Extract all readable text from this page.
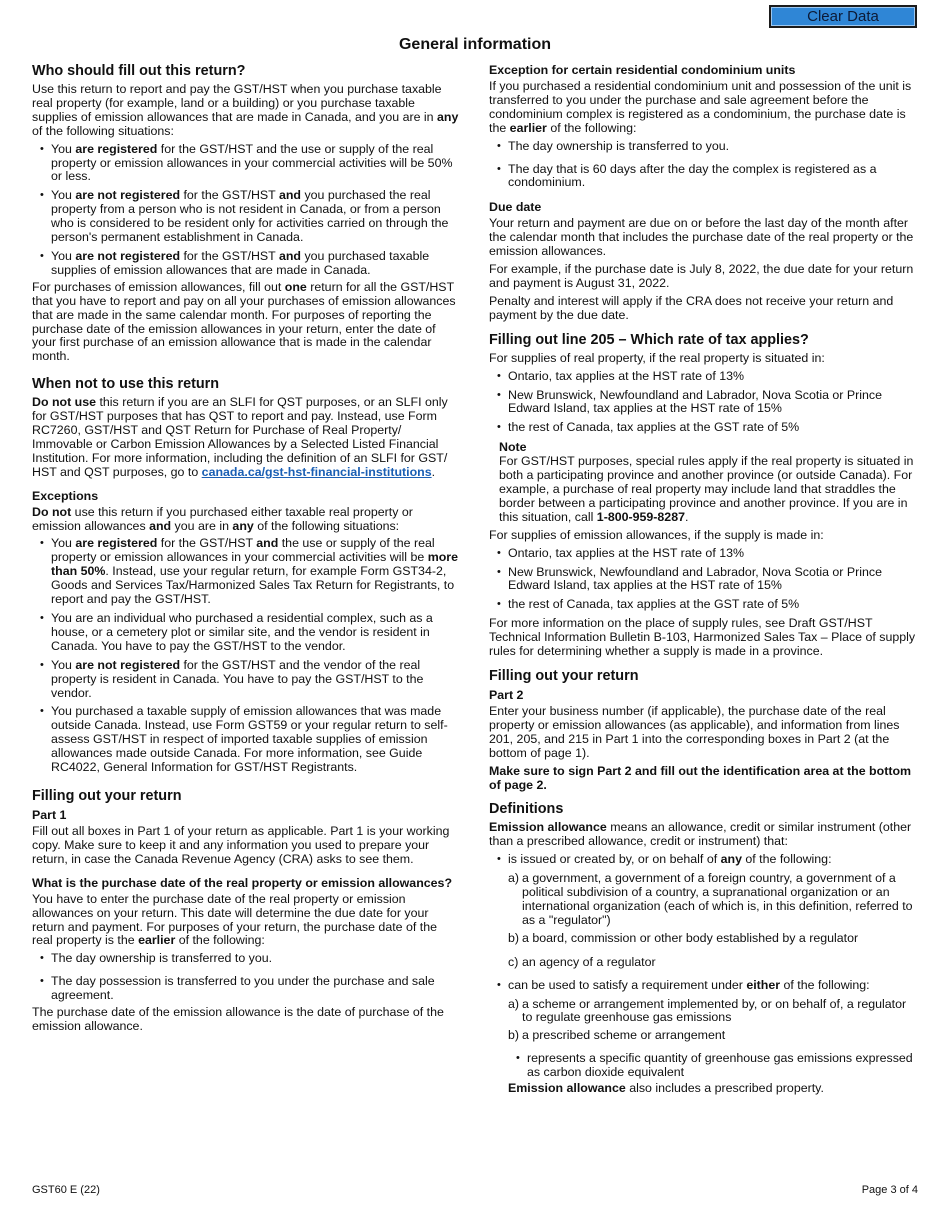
Clear Data
General information
Who should fill out this return?

Use this return to report and pay the GST/HST when you purchase taxable real property (for example, land or a building) or you purchase taxable supplies of emission allowances that are made in Canada, and you are in any of the following situations:

• You are registered for the GST/HST and the use or supply of the real property or emission allowances in your commercial activities will be 50% or less.
• You are not registered for the GST/HST and you purchased the real property from a person who is not resident in Canada, or from a person who is considered to be resident only for activities carried on through the person's permanent establishment in Canada.
• You are not registered for the GST/HST and you purchased taxable supplies of emission allowances that are made in Canada.

For purchases of emission allowances, fill out one return for all the GST/HST that you have to report and pay on all your purchases of emission allowances that are made in the same calendar month. For purposes of reporting the purchase date of the emission allowances in your return, enter the date of your first purchase of an emission allowance that is made in the calendar month.

When not to use this return

Do not use this return if you are an SLFI for QST purposes, or an SLFI only for GST/HST purposes that has QST to report and pay. Instead, use Form RC7260, GST/HST and QST Return for Purchase of Real Property/ Immovable or Carbon Emission Allowances by a Selected Listed Financial Institution. For more information, including the definition of an SLFI for GST/ HST and QST purposes, go to canada.ca/gst-hst-financial-institutions.

Exceptions

Do not use this return if you purchased either taxable real property or emission allowances and you are in any of the following situations:

• You are registered for the GST/HST and the use or supply of the real property or emission allowances in your commercial activities will be more than 50%. Instead, use your regular return, for example Form GST34-2, Goods and Services Tax/Harmonized Sales Tax Return for Registrants, to report and pay the GST/HST.
• You are an individual who purchased a residential complex, such as a house, or a cemetery plot or similar site, and the vendor is resident in Canada. You have to pay the GST/HST to the vendor.
• You are not registered for the GST/HST and the vendor of the real property is resident in Canada. You have to pay the GST/HST to the vendor.
• You purchased a taxable supply of emission allowances that was made outside Canada. Instead, use Form GST59 or your regular return to self-assess GST/HST in respect of imported taxable supplies of emission allowances made outside Canada. For more information, see Guide RC4022, General Information for GST/HST Registrants.
Filling out your return
Part 1

Fill out all boxes in Part 1 of your return as applicable. Part 1 is your working copy. Make sure to keep it and any information you used to prepare your return, in case the Canada Revenue Agency (CRA) asks to see them.

What is the purchase date of the real property or emission allowances?

You have to enter the purchase date of the real property or emission allowances on your return. This date will determine the due date for your return and payment. For purposes of your return, the purchase date of the real property is the earlier of the following:

• The day ownership is transferred to you.
• The day possession is transferred to you under the purchase and sale agreement.

The purchase date of the emission allowance is the date of purchase of the emission allowance.

Exception for certain residential condominium units

If you purchased a residential condominium unit and possession of the unit is transferred to you under the purchase and sale agreement before the condominium complex is registered as a condominium, the purchase date is the earlier of the following:

• The day ownership is transferred to you.
• The day that is 60 days after the day the complex is registered as a condominium.
Due date

Your return and payment are due on or before the last day of the month after the calendar month that includes the purchase date of the real property or the emission allowances.

For example, if the purchase date is July 8, 2022, the due date for your return and payment is August 31, 2022.

Penalty and interest will apply if the CRA does not receive your return and payment by the due date.

Filling out line 205 – Which rate of tax applies?

For supplies of real property, if the real property is situated in:

• Ontario, tax applies at the HST rate of 13%
• New Brunswick, Newfoundland and Labrador, Nova Scotia or Prince Edward Island, tax applies at the HST rate of 15%
• the rest of Canada, tax applies at the GST rate of 5%
Note

For GST/HST purposes, special rules apply if the real property is situated in both a participating province and another province (or outside Canada). For example, a purchase of real property may include land that straddles the border between a participating province and another province. If you are in this situation, call 1-800-959-8287.

For supplies of emission allowances, if the supply is made in:

• Ontario, tax applies at the HST rate of 13%
• New Brunswick, Newfoundland and Labrador, Nova Scotia or Prince Edward Island, tax applies at the HST rate of 15%
• the rest of Canada, tax applies at the GST rate of 5%

For more information on the place of supply rules, see Draft GST/HST Technical Information Bulletin B-103, Harmonized Sales Tax – Place of supply rules for determining whether a supply is made in a province.

Filling out your return
Part 2

Enter your business number (if applicable), the purchase date of the real property or emission allowances (as applicable), and information from lines 201, 205, and 215 in Part 1 into the corresponding boxes in Part 2 (at the bottom of page 1).

Make sure to sign Part 2 and fill out the identification area at the bottom of page 2.

Definitions

Emission allowance means an allowance, credit or similar instrument (other than a prescribed allowance, credit or instrument) that:

• is issued or created by, or on behalf of any of the following:
a) a government, a government of a foreign country, a government of a political subdivision of a country, a supranational organization or an international organization (each of which is, in this definition, referred to as a "regulator")
b) a board, commission or other body established by a regulator
c) an agency of a regulator
• can be used to satisfy a requirement under either of the following:
a) a scheme or arrangement implemented by, or on behalf of, a regulator to regulate greenhouse gas emissions
b) a prescribed scheme or arrangement
• represents a specific quantity of greenhouse gas emissions expressed as carbon dioxide equivalent

Emission allowance also includes a prescribed property.

GST60 E (22)	Page 3 of 4
